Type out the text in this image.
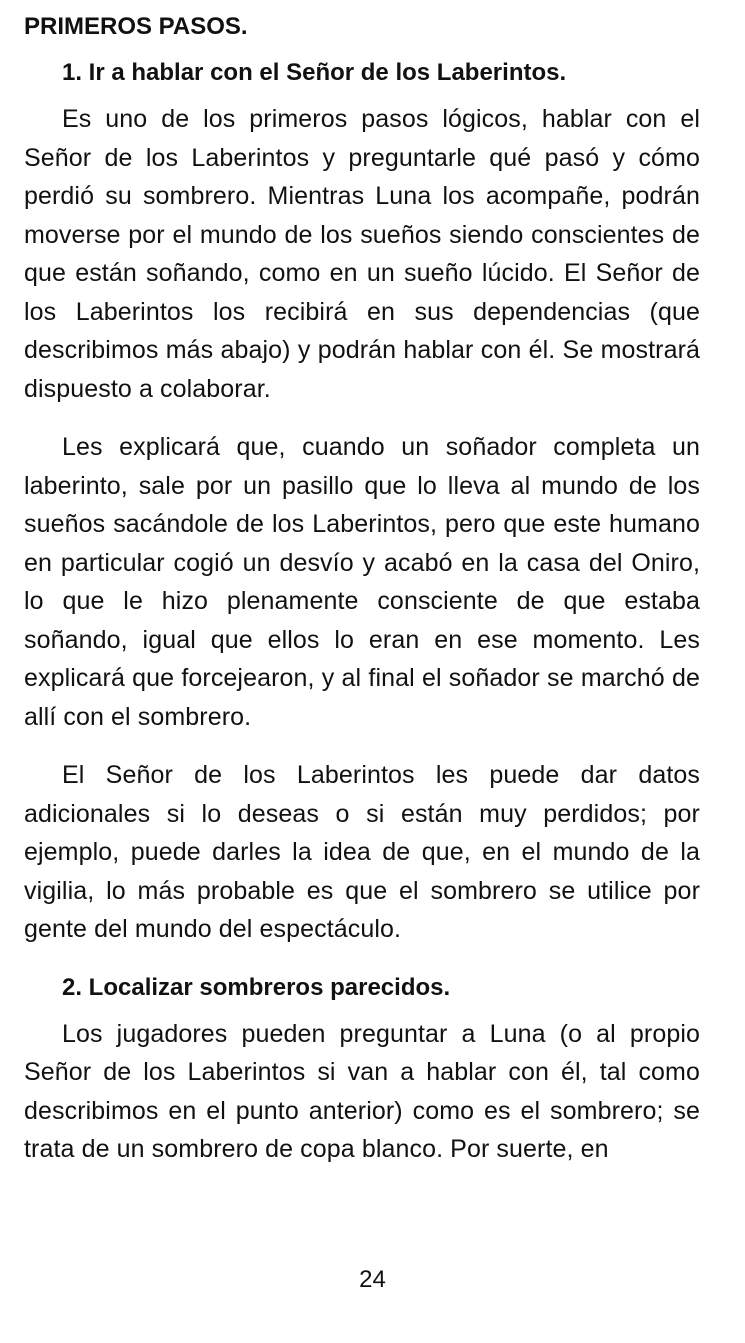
PRIMEROS PASOS.
1. Ir a hablar con el Señor de los Laberintos.

Es uno de los primeros pasos lógicos, hablar con el Señor de los Laberintos y preguntarle qué pasó y cómo perdió su sombrero. Mientras Luna los acompañe, podrán moverse por el mundo de los sueños siendo conscientes de que están soñando, como en un sueño lúcido. El Señor de los Laberintos los recibirá en sus dependencias (que describimos más abajo) y podrán hablar con él. Se mostrará dispuesto a colaborar.

Les explicará que, cuando un soñador completa un laberinto, sale por un pasillo que lo lleva al mundo de los sueños sacándole de los Laberintos, pero que este humano en particular cogió un desvío y acabó en la casa del Oniro, lo que le hizo plenamente consciente de que estaba soñando, igual que ellos lo eran en ese momento. Les explicará que forcejearon, y al final el soñador se marchó de allí con el sombrero.

El Señor de los Laberintos les puede dar datos adicionales si lo deseas o si están muy perdidos; por ejemplo, puede darles la idea de que, en el mundo de la vigilia, lo más probable es que el sombrero se utilice por gente del mundo del espectáculo.

2. Localizar sombreros parecidos.

Los jugadores pueden preguntar a Luna (o al propio Señor de los Laberintos si van a hablar con él, tal como describimos en el punto anterior) como es el sombrero; se trata de un sombrero de copa blanco. Por suerte, en

24
